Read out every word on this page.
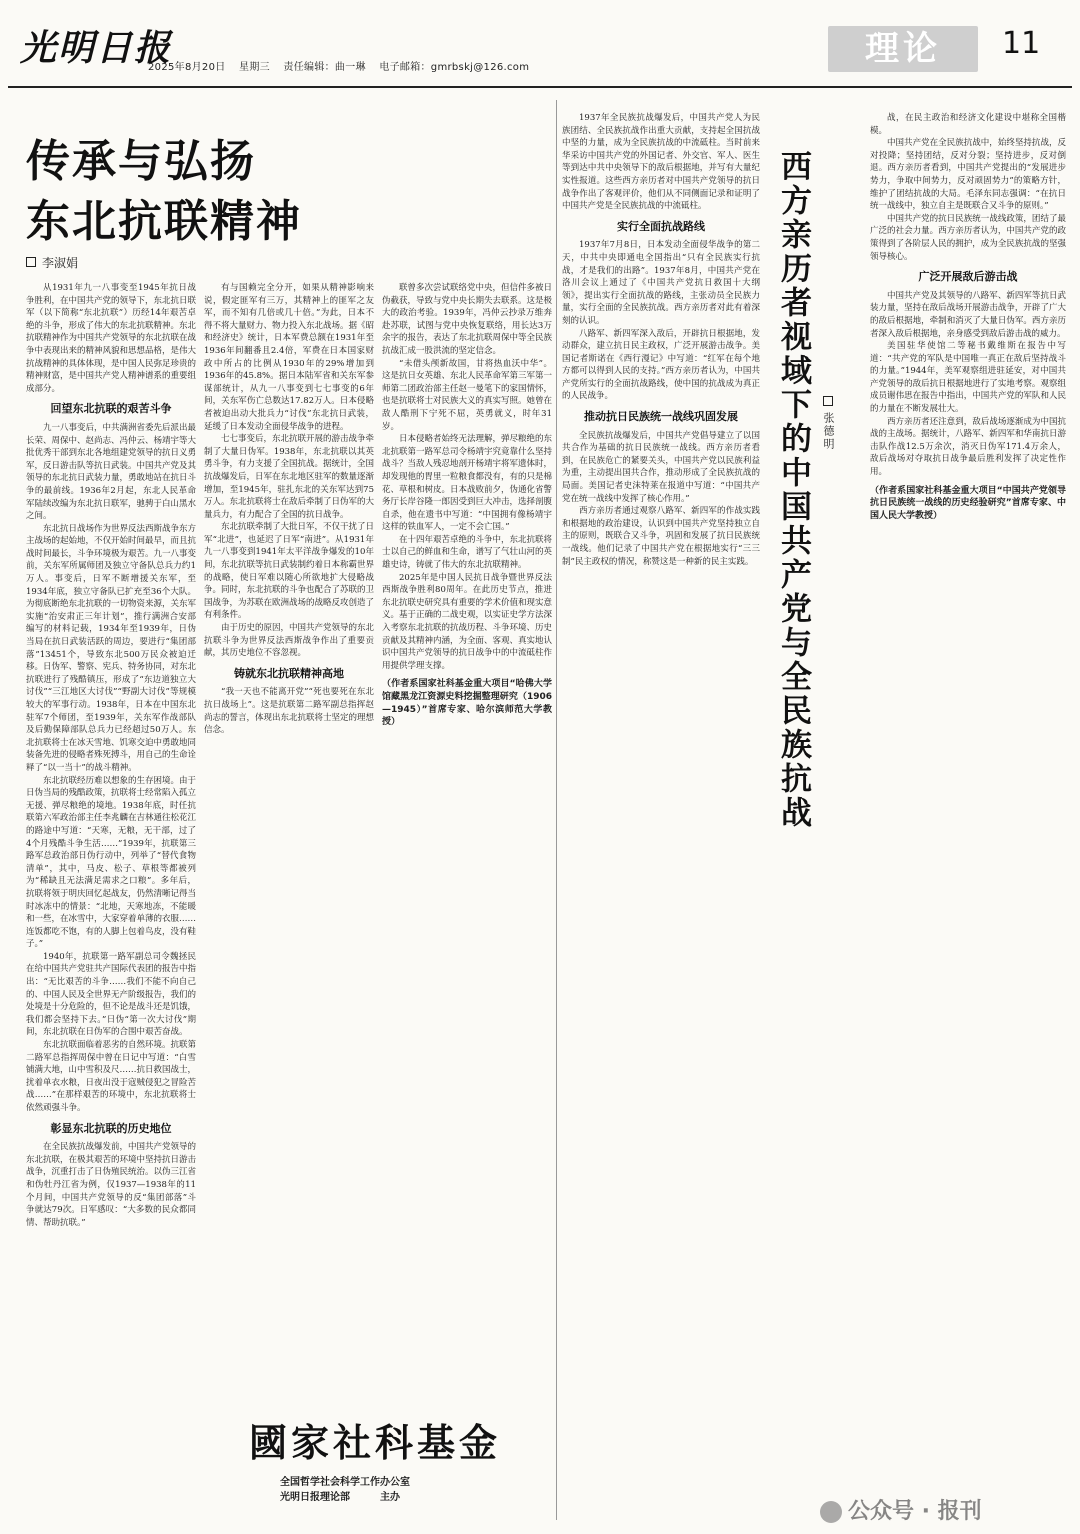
光明日报
2025年8月20日 星期三 责任编辑：曲一琳 电子邮箱：gmrbskj@126.com	理论	11
传承与弘扬
东北抗联精神
李淑娟

从1931年九一八事变至1945年抗日战争胜利，在中国共产党的领导下，东北抗日联军（以下简称“东北抗联”）历经14年艰苦卓绝的斗争，形成了伟大的东北抗联精神。东北抗联精神作为中国共产党领导的东北抗联在战争中表现出来的精神风貌和思想品格，是伟大抗战精神的具体体现，是中国人民弥足珍贵的精神财富，是中国共产党人精神谱系的重要组成部分。

回望东北抗联的艰苦斗争

九一八事变后，中共满洲省委先后派出最长荣、周保中、赵尚志、冯仲云、杨靖宇等大批优秀干部到东北各地组建党领导的抗日义勇军，反日游击队等抗日武装。中国共产党及其领导的东北抗日武装力量，勇敢地站在抗日斗争的最前线。1936年2月起，东北人民革命军陆续改编为东北抗日联军，驰骋于白山黑水之间。

东北抗日战场作为世界反法西斯战争东方主战场的起始地，不仅开始时间最早，而且抗战时间最长，斗争环境极为艰苦。九一八事变前，关东军所属师团及独立守备队总兵力约1万人。事变后，日军不断增援关东军，至1934年底，独立守备队已扩充至36个大队。为彻底断绝东北抗联的一切物资来源，关东军实施“治安肃正三年计划”，推行满洲合安部编写的材料记载，1934年至1939年，日伪当局在抗日武装活跃的周边，要进行“集团部落”13451个，导致东北500万民众被迫迁移。日伪军、警察、宪兵、特务协同，对东北抗联进行了残酷镇压，形成了“东边道独立大讨伐”“三江地区大讨伐”“野副大讨伐”等规模较大的军事行动。1938年，日本在中国东北驻军7个师团，至1939年，关东军作战部队及后勤保障部队总兵力已经超过50万人。东北抗联将士在冰天雪地、饥寒交迫中勇敢地同装备先进的侵略者殊死搏斗，用自己的生命诠释了“以一当十”的战斗精神。

东北抗联经历难以想象的生存困境。由于日伪当局的残酷政策，抗联将士经常陷入孤立无援、弹尽粮绝的境地。1938年底，时任抗联第六军政治部主任李兆麟在吉林通往松花江的路途中写道：“天寒，无粮，无干部，过了4个月残酷斗争生活……”1939年，抗联第三路军总政治部日伪行动中，列举了“替代食物清单”，其中，马皮、松子、草根等都被列为“稀缺且无法满足需求之口粮”。多年后，抗联将领于明庆回忆起战友，仍然清晰记得当时冰冻中的情景：“北地，天寒地冻，不能暖和一些，在冰雪中，大家穿着单薄的衣服……连饭都吃不饱，有的人脚上包着鸟皮，没有鞋子。”

1940年，抗联第一路军副总司令魏拯民在给中国共产党驻共产国际代表团的报告中指出：“无比艰苦的斗争……我们不能不向自己的、中国人民及全世界无产阶级报告，我们的处境是十分危险的，但不论是战斗还是饥饿，我们都会坚持下去。”日伪“第一次大讨伐”期间，东北抗联在日伪军的合围中艰苦奋战。

东北抗联面临着恶劣的自然环境。抗联第二路军总指挥周保中曾在日记中写道：“白雪铺满大地，山中雪积及尺……抗日救国战士，扰着单衣水粮，日夜出没于寇贼侵犯之冒险苦战……”在那样艰苦的环境中，东北抗联将士依然顽强斗争。

彰显东北抗联的历史地位

在全民族抗战爆发前，中国共产党领导的东北抗联，在极其艰苦的环境中坚持抗日游击战争，沉重打击了日伪殖民统治。以伪三江省和伪牡丹江省为例，仅1937—1938年的11个月间，中国共产党领导的反“集团部落”斗争就达79次。日军感叹：“大多数的民众都同情、帮助抗联。”

有与国赖完全分开，如果从精神影响来说，假定匪军有三万，其精神上的匪军之友军，而不知有几倍或几十倍。”为此，日本不得不将大量财力、物力投入东北战场。据《昭和经济史》统计，日本军费总额在1931年至1936年间翻番且2.4倍，军费在日本国家财政中所占的比例从1930年的29%增加到1936年的45.8%。据日本陆军省和关东军参谋部统计，从九一八事变到七七事变的6年间，关东军伤亡总数达17.82万人。日本侵略者被迫出动大批兵力“讨伐”东北抗日武装，延缓了日本发动全面侵华战争的进程。

七七事变后，东北抗联开展的游击战争牵制了大量日伪军。1938年，东北抗联以其英勇斗争，有力支援了全国抗战。据统计，全国抗战爆发后，日军在东北地区驻军的数量逐渐增加，至1945年，驻扎东北的关东军达到75万人。东北抗联将士在敌后牵制了日伪军的大量兵力，有力配合了全国的抗日战争。

东北抗联牵制了大批日军，不仅干扰了日军“北进”，也延迟了日军“南进”。从1931年九一八事变到1941年太平洋战争爆发的10年间，东北抗联等抗日武装制约着日本称霸世界的战略，使日军难以随心所欲地扩大侵略战争。同时，东北抗联的斗争也配合了苏联的卫国战争，为苏联在欧洲战场的战略反攻创造了有利条件。

由于历史的原因，中国共产党领导的东北抗联斗争为世界反法西斯战争作出了重要贡献，其历史地位不容忽视。

铸就东北抗联精神高地

“我一天也不能离开党”“死也要死在东北抗日战场上”。这是抗联第二路军副总指挥赵尚志的誓言，体现出东北抗联将士坚定的理想信念。

联曾多次尝试联络党中央，但信件多被日伪截获，导致与党中央长期失去联系。这是极大的政治考验。1939年，冯仲云抄录万维奔赴苏联，试图与党中央恢复联络，用长达3万余字的报告，表达了东北抗联周保中等全民族抗战汇成一股洪流的坚定信念。

“未借头颅新故国，甘将热血沃中华”。这是抗日女英雄、东北人民革命军第三军第一师第二团政治部主任赵一曼笔下的家国情怀，也是抗联将士对民族大义的真实写照。她曾在敌人酷刑下宁死不屈，英勇就义，时年31岁。

日本侵略者始终无法理解，弹尽粮绝的东北抗联第一路军总司令杨靖宇究竟靠什么坚持战斗？当敌人残忍地剖开杨靖宇将军遗体时，却发现他的胃里一粒粮食都没有，有的只是棉花、草根和树皮。日本战败前夕，伪通化省警务厅长岸谷隆一郎因受到巨大冲击，选择剖腹自杀，他在遗书中写道：“中国拥有像杨靖宇这样的铁血军人，一定不会亡国。”

在十四年艰苦卓绝的斗争中，东北抗联将士以自己的鲜血和生命，谱写了气壮山河的英雄史诗，铸就了伟大的东北抗联精神。

2025年是中国人民抗日战争暨世界反法西斯战争胜利80周年。在此历史节点，推进东北抗联史研究具有重要的学术价值和现实意义。基于正确的二战史观，以实证史学方法深入考察东北抗联的抗战历程、斗争环境、历史贡献及其精神内涵，为全面、客观、真实地认识中国共产党领导的抗日战争中的中流砥柱作用提供学理支撑。

（作者系国家社科基金重大项目“哈佛大学馆藏黑龙江资源史料挖掘整理研究（1906—1945）”首席专家、哈尔滨师范大学教授）

1937年全民族抗战爆发后，中国共产党人为民族团结、全民族抗战作出重大贡献，支持起全国抗战中坚的力量，成为全民族抗战的中流砥柱。当时前来华采访中国共产党的外国记者、外交官、军人、医生等到达中共中央领导下的敌后根据地，并写有大量纪实性报道。这些西方亲历者对中国共产党领导的抗日战争作出了客观评价，他们从不同侧面记录和证明了中国共产党是全民族抗战的中流砥柱。

实行全面抗战路线

1937年7月8日，日本发动全面侵华战争的第二天，中共中央即通电全国指出“只有全民族实行抗战，才是我们的出路”。1937年8月，中国共产党在洛川会议上通过了《中国共产党抗日救国十大纲领》，提出实行全面抗战的路线，主张动员全民族力量，实行全面的全民族抗战。西方亲历者对此有着深刻的认识。

八路军、新四军深入敌后，开辟抗日根据地，发动群众，建立抗日民主政权，广泛开展游击战争。美国记者斯诺在《西行漫记》中写道：“红军在每个地方都可以得到人民的支持。”西方亲历者认为，中国共产党所实行的全面抗战路线，使中国的抗战成为真正的人民战争。

推动抗日民族统一战线巩固发展

全民族抗战爆发后，中国共产党倡导建立了以国共合作为基础的抗日民族统一战线。西方亲历者看到，在民族危亡的紧要关头，中国共产党以民族利益为重，主动提出国共合作，推动形成了全民族抗战的局面。美国记者史沫特莱在报道中写道：“中国共产党在统一战线中发挥了核心作用。”

西方亲历者通过观察八路军、新四军的作战实践和根据地的政治建设，认识到中国共产党坚持独立自主的原则，既联合又斗争，巩固和发展了抗日民族统一战线。他们记录了中国共产党在根据地实行“三三制”民主政权的情况，称赞这是一种新的民主实践。 西方亲历者视域下的中国共产党与全民族抗战	张德明

战，在民主政治和经济文化建设中堪称全国楷模。

中国共产党在全民族抗战中，始终坚持抗战，反对投降；坚持团结，反对分裂；坚持进步，反对倒退。西方亲历者看到，中国共产党提出的“发展进步势力，争取中间势力，反对顽固势力”的策略方针，维护了团结抗战的大局。毛泽东同志强调：“在抗日统一战线中，独立自主是既联合又斗争的原则。”

中国共产党的抗日民族统一战线政策，团结了最广泛的社会力量。西方亲历者认为，中国共产党的政策得到了各阶层人民的拥护，成为全民族抗战的坚强领导核心。

广泛开展敌后游击战

中国共产党及其领导的八路军、新四军等抗日武装力量，坚持在敌后战场开展游击战争，开辟了广大的敌后根据地，牵制和消灭了大量日伪军。西方亲历者深入敌后根据地，亲身感受到敌后游击战的威力。

美国驻华使馆二等秘书戴维斯在报告中写道：“共产党的军队是中国唯一真正在敌后坚持战斗的力量。”1944年，美军观察组进驻延安，对中国共产党领导的敌后抗日根据地进行了实地考察。观察组成员谢伟思在报告中指出，中国共产党的军队和人民的力量在不断发展壮大。

西方亲历者还注意到，敌后战场逐渐成为中国抗战的主战场。据统计，八路军、新四军和华南抗日游击队作战12.5万余次，消灭日伪军171.4万余人，敌后战场对夺取抗日战争最后胜利发挥了决定性作用。

（作者系国家社科基金重大项目“中国共产党领导抗日民族统一战线的历史经验研究”首席专家、中国人民大学教授）

國家社科基金
全国哲学社会科学工作办公室
光明日报理论部	主办
公众号 · 报刊
